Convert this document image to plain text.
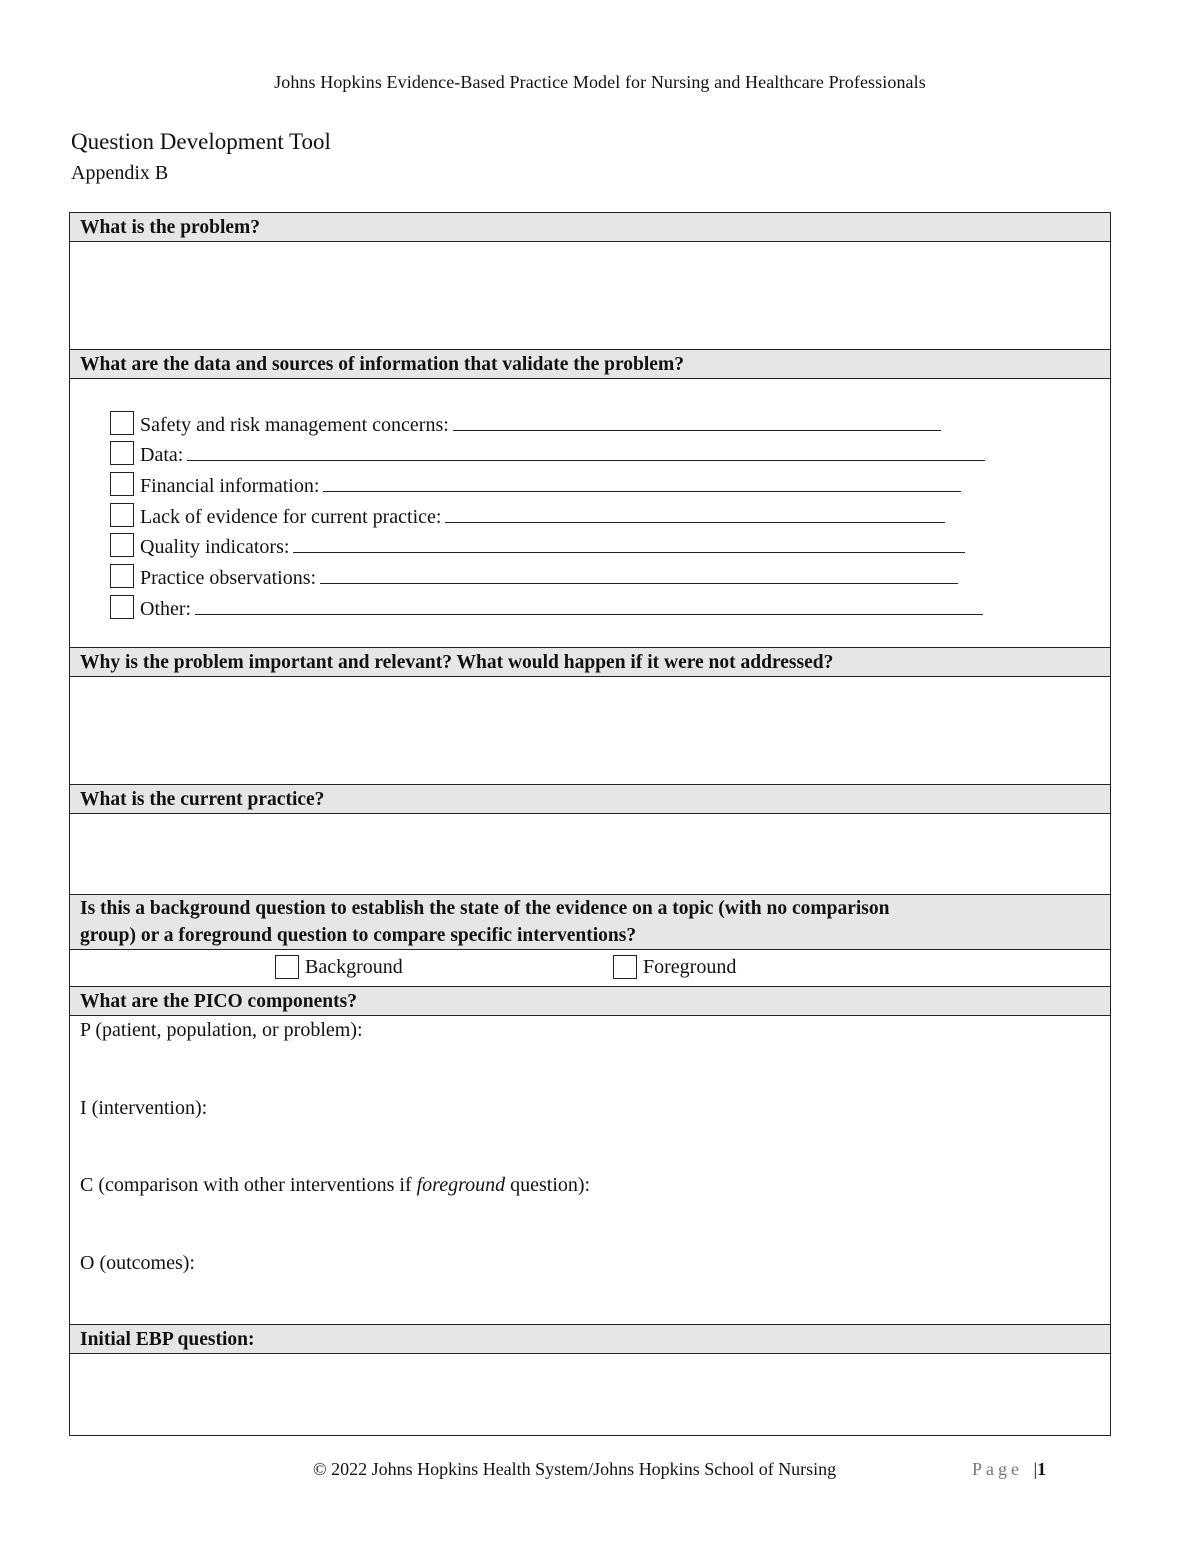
Johns Hopkins Evidence-Based Practice Model for Nursing and Healthcare Professionals
Question Development Tool
Appendix B
What is the problem?
What are the data and sources of information that validate the problem?
Safety and risk management concerns:
Data:
Financial information:
Lack of evidence for current practice:
Quality indicators:
Practice observations:
Other:
Why is the problem important and relevant? What would happen if it were not addressed?
What is the current practice?
Is this a background question to establish the state of the evidence on a topic (with no comparison
group) or a foreground question to compare specific interventions?
Background	Foreground
What are the PICO components?
P (patient, population, or problem):
I (intervention):
C (comparison with other interventions if foreground question):
O (outcomes):
Initial EBP question:
© 2022 Johns Hopkins Health System/Johns Hopkins School of Nursing	Page |1
